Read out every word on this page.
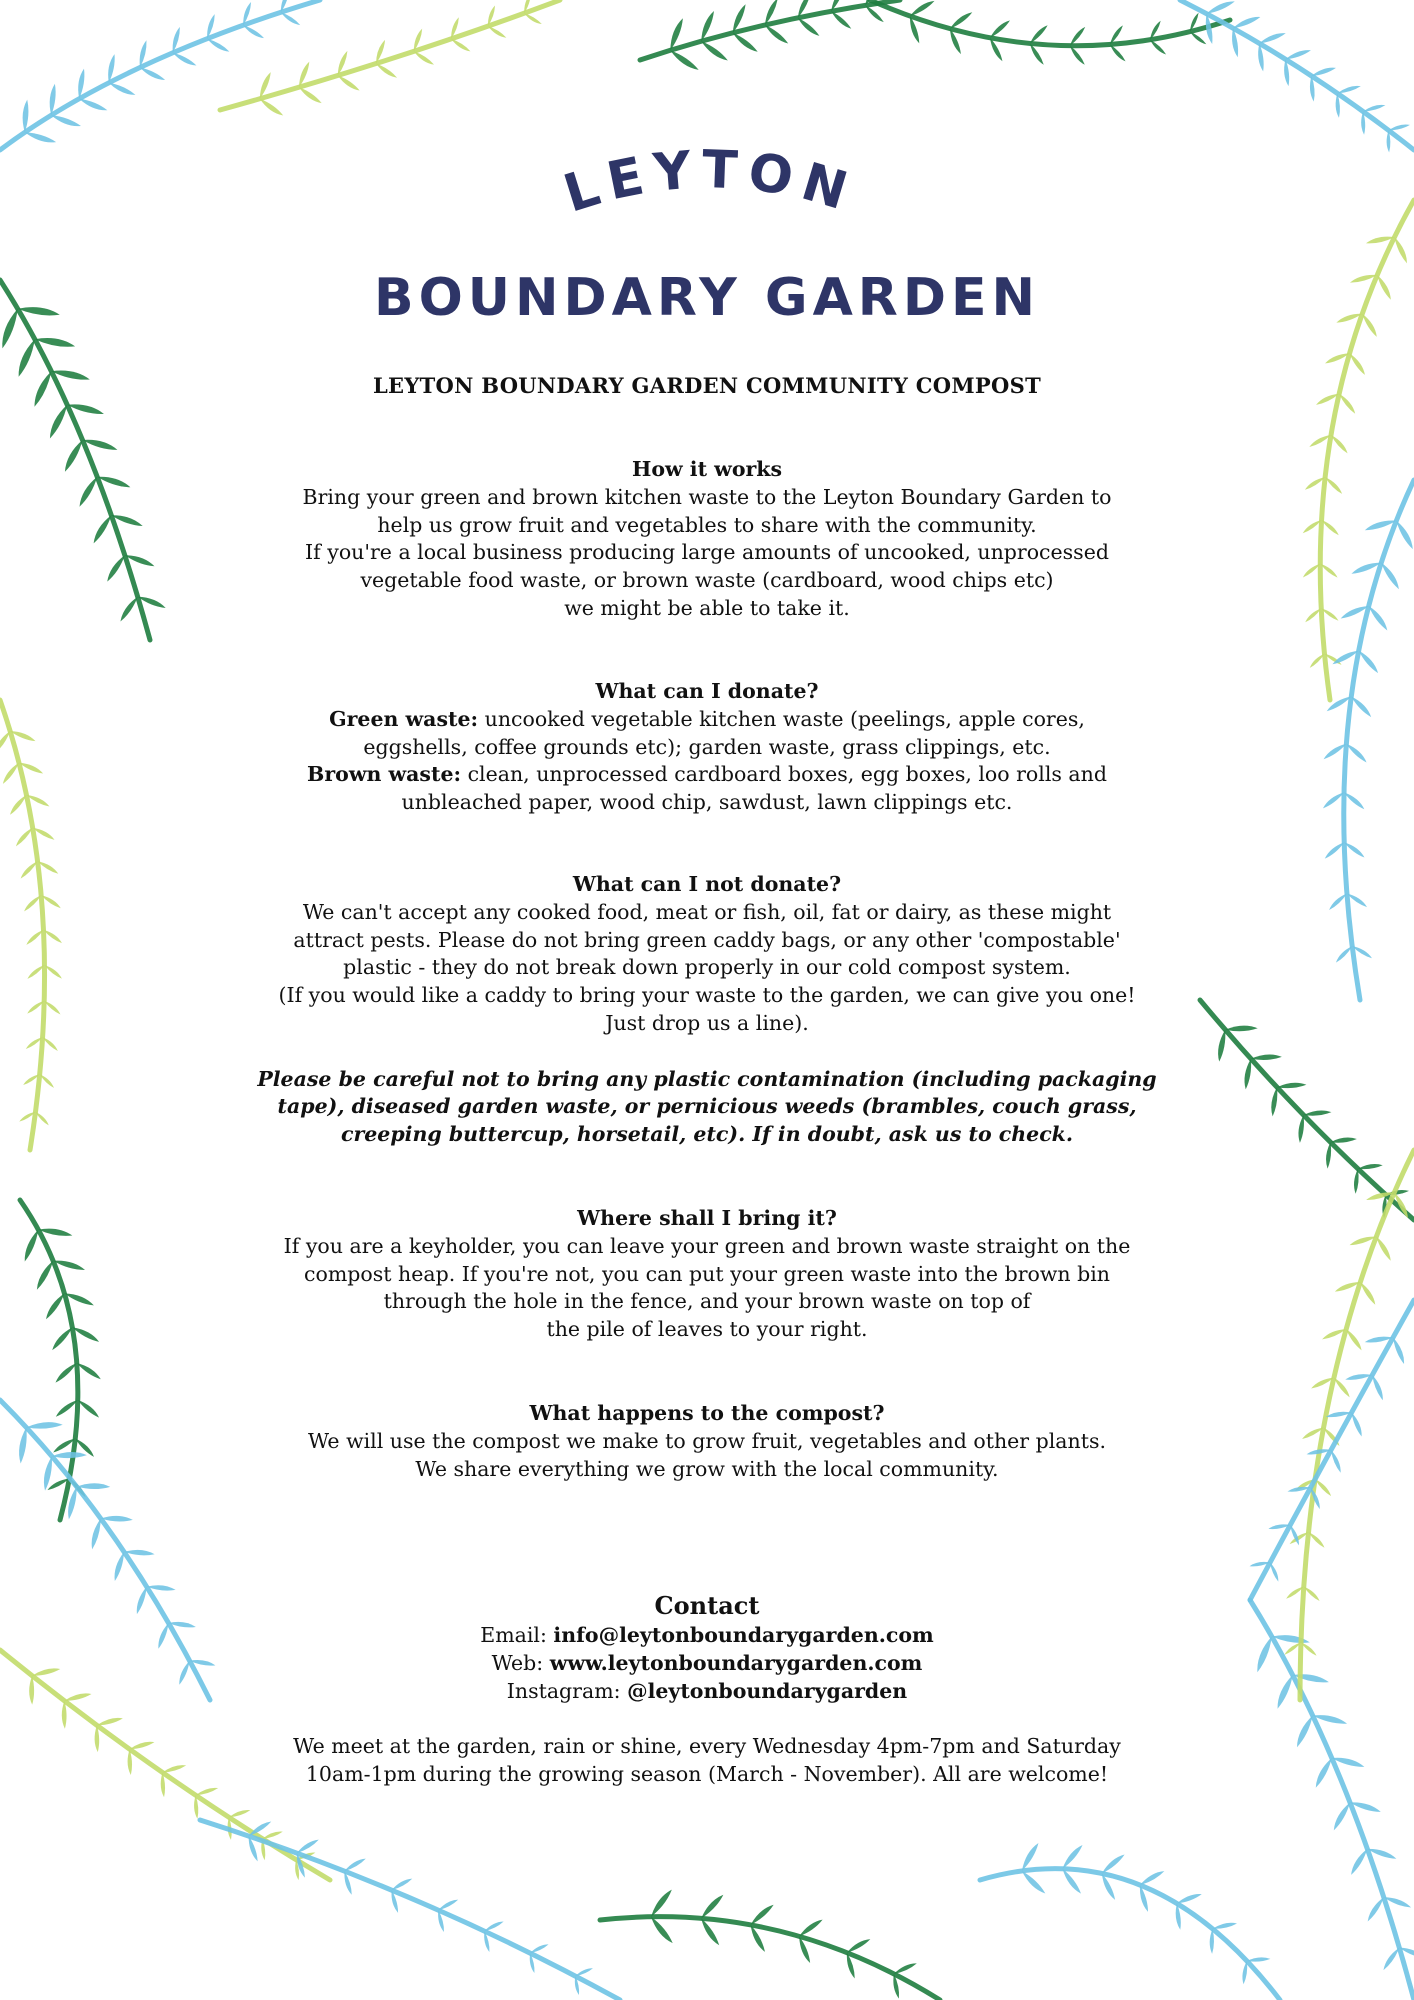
LEYTON
BOUNDARY GARDEN
LEYTON BOUNDARY GARDEN COMMUNITY COMPOST
How it works

Bring your green and brown kitchen waste to the Leyton Boundary Garden to

help us grow fruit and vegetables to share with the community.

If you're a local business producing large amounts of uncooked, unprocessed

vegetable food waste, or brown waste (cardboard, wood chips etc)

we might be able to take it.

What can I donate?

Green waste: uncooked vegetable kitchen waste (peelings, apple cores,

eggshells, coffee grounds etc); garden waste, grass clippings, etc.

Brown waste: clean, unprocessed cardboard boxes, egg boxes, loo rolls and

unbleached paper, wood chip, sawdust, lawn clippings etc.

What can I not donate?

We can't accept any cooked food, meat or fish, oil, fat or dairy, as these might

attract pests. Please do not bring green caddy bags, or any other 'compostable'

plastic - they do not break down properly in our cold compost system.

(If you would like a caddy to bring your waste to the garden, we can give you one!

Just drop us a line).

Please be careful not to bring any plastic contamination (including packaging

tape), diseased garden waste, or pernicious weeds (brambles, couch grass,

creeping buttercup, horsetail, etc). If in doubt, ask us to check.

Where shall I bring it?

If you are a keyholder, you can leave your green and brown waste straight on the

compost heap. If you're not, you can put your green waste into the brown bin

through the hole in the fence, and your brown waste on top of

the pile of leaves to your right.

What happens to the compost?

We will use the compost we make to grow fruit, vegetables and other plants.

We share everything we grow with the local community.

Contact

Email: info@leytonboundarygarden.com

Web: www.leytonboundarygarden.com

Instagram: @leytonboundarygarden

We meet at the garden, rain or shine, every Wednesday 4pm-7pm and Saturday

10am-1pm during the growing season (March - November). All are welcome!
